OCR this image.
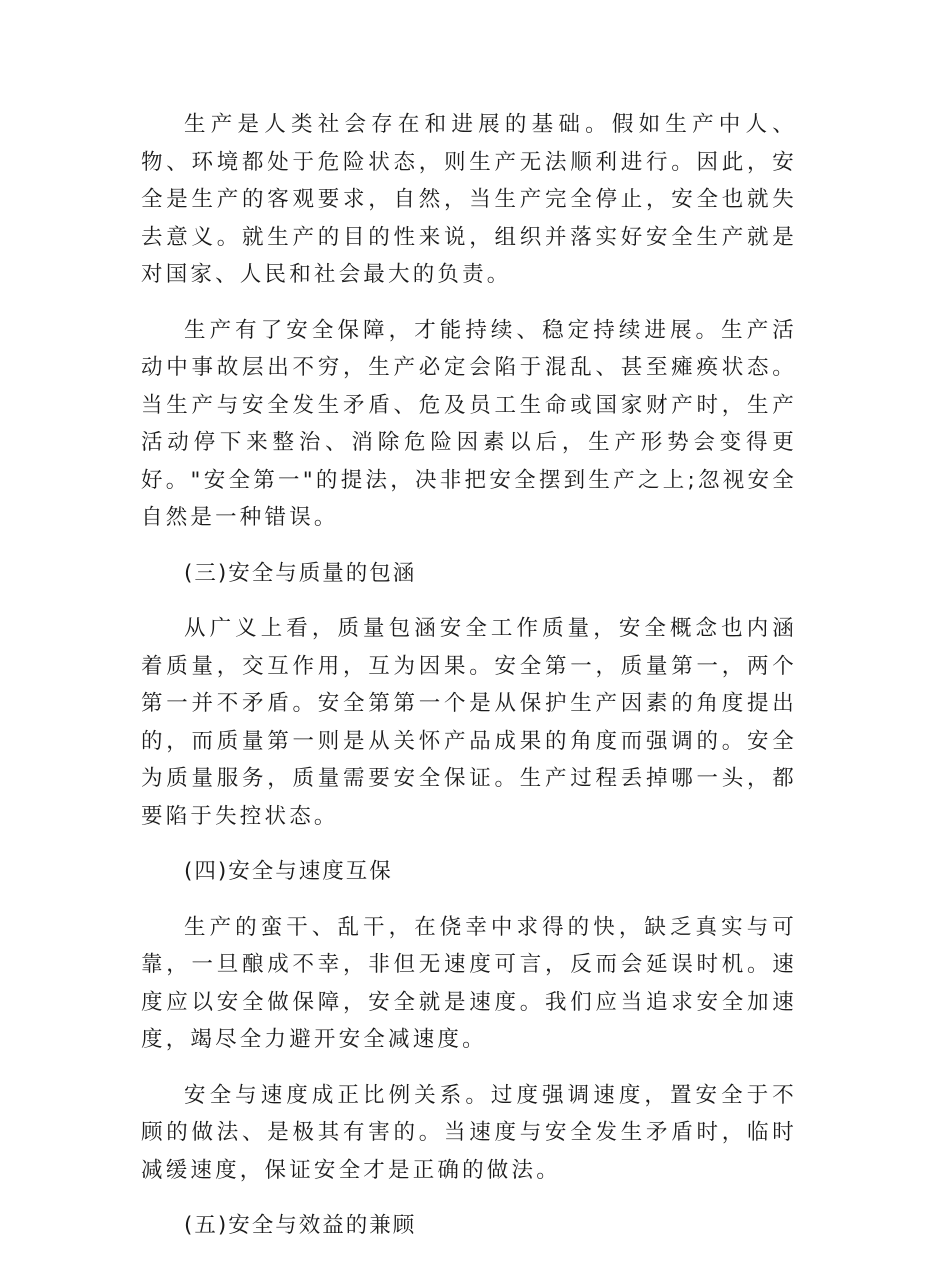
生产是人类社会存在和进展的基础。假如生产中人、物、环境都处于危险状态，则生产无法顺利进行。因此，安全是生产的客观要求，自然，当生产完全停止，安全也就失去意义。就生产的目的性来说，组织并落实好安全生产就是对国家、人民和社会最大的负责。

生产有了安全保障，才能持续、稳定持续进展。生产活动中事故层出不穷，生产必定会陷于混乱、甚至瘫痪状态。当生产与安全发生矛盾、危及员工生命或国家财产时，生产活动停下来整治、消除危险因素以后，生产形势会变得更好。"安全第一"的提法，决非把安全摆到生产之上;忽视安全自然是一种错误。

(三)安全与质量的包涵

从广义上看，质量包涵安全工作质量，安全概念也内涵着质量，交互作用，互为因果。安全第一，质量第一，两个第一并不矛盾。安全第第一个是从保护生产因素的角度提出的，而质量第一则是从关怀产品成果的角度而强调的。安全为质量服务，质量需要安全保证。生产过程丢掉哪一头，都要陷于失控状态。

(四)安全与速度互保

生产的蛮干、乱干，在侥幸中求得的快，缺乏真实与可靠，一旦酿成不幸，非但无速度可言，反而会延误时机。速度应以安全做保障，安全就是速度。我们应当追求安全加速度，竭尽全力避开安全减速度。

安全与速度成正比例关系。过度强调速度，置安全于不顾的做法、是极其有害的。当速度与安全发生矛盾时，临时减缓速度，保证安全才是正确的做法。

(五)安全与效益的兼顾
